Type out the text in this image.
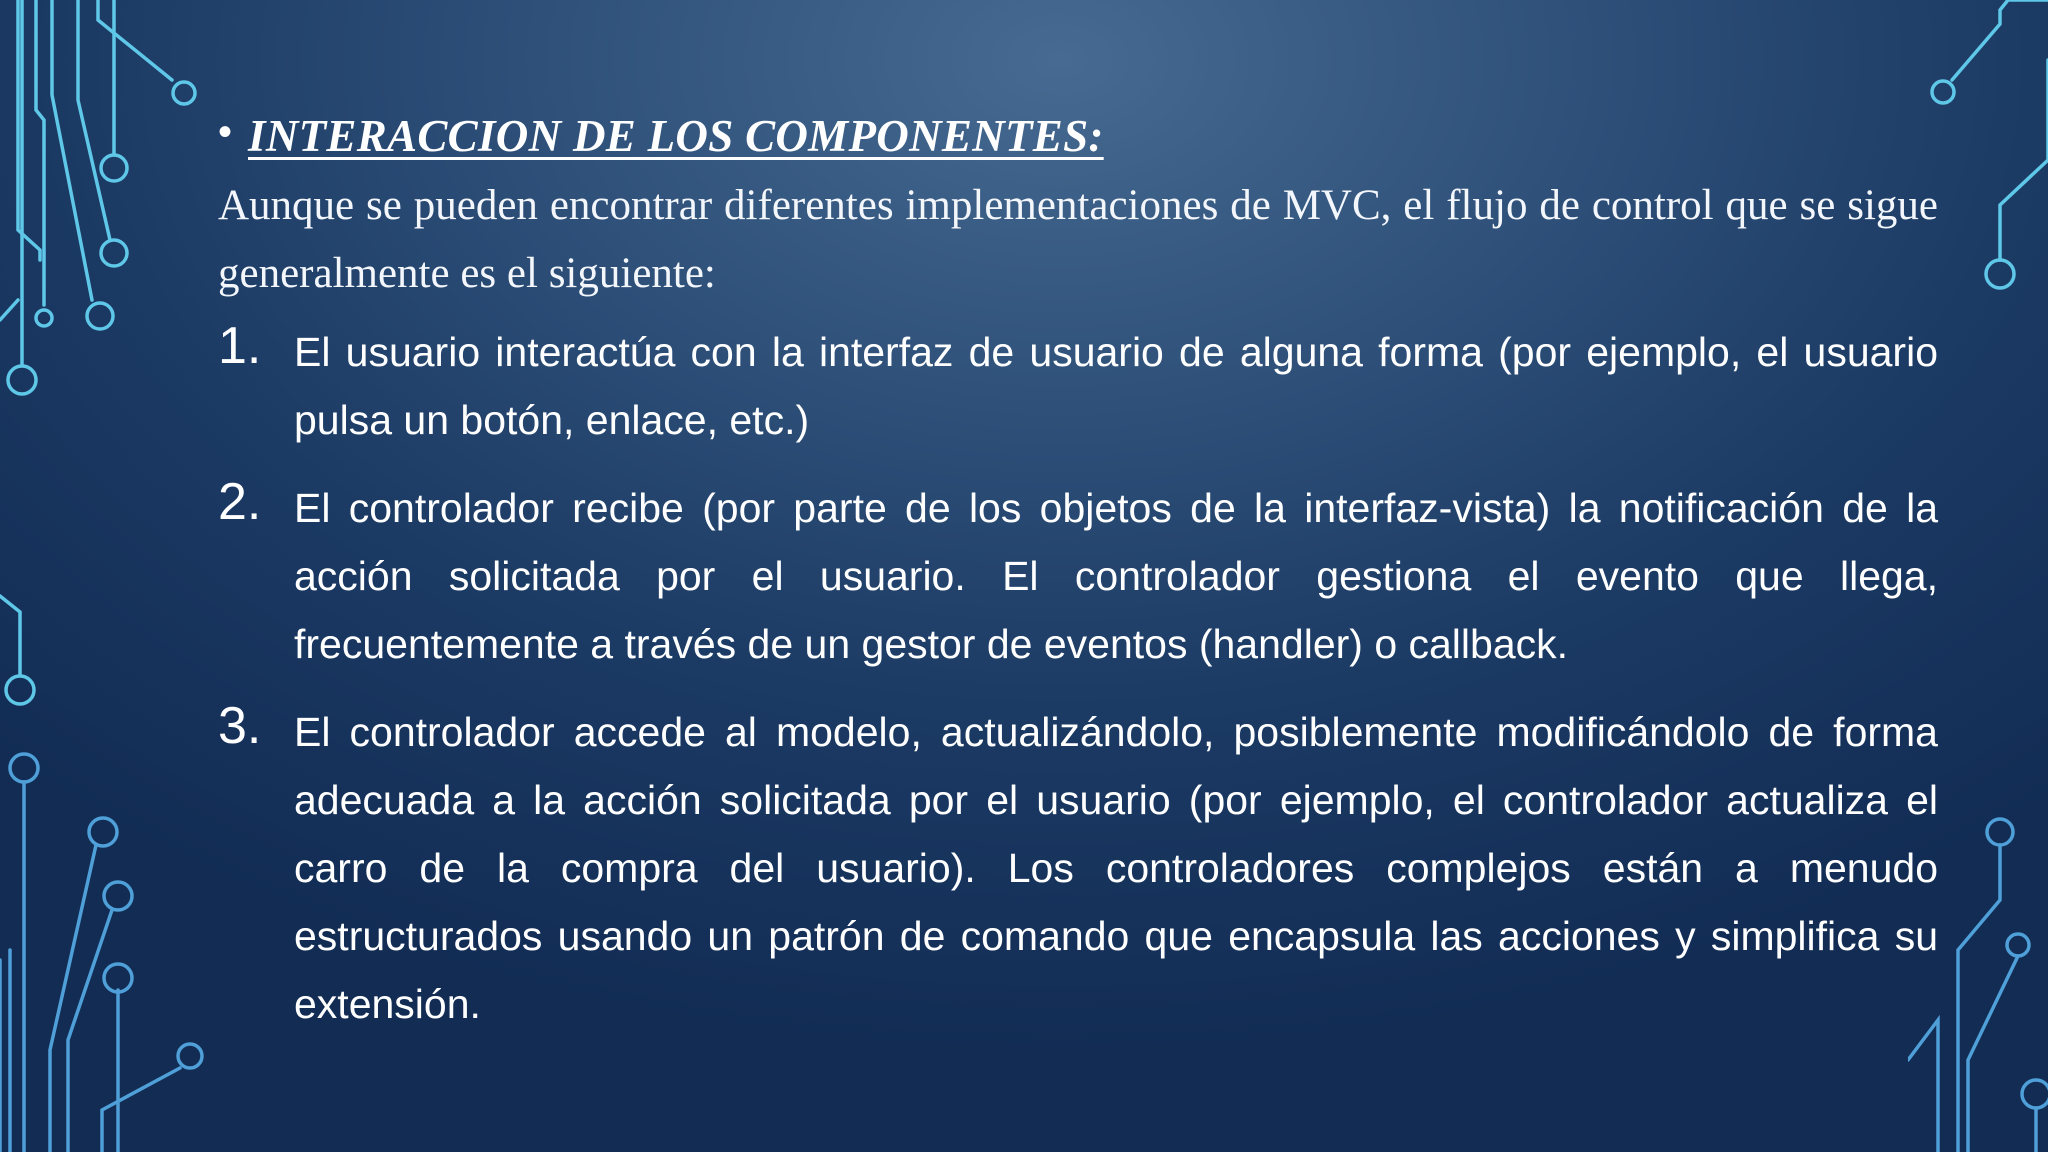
• INTERACCION DE LOS COMPONENTES:

Aunque se pueden encontrar diferentes implementaciones de MVC, el flujo de control que se sigue generalmente es el siguiente:

1. El usuario interactúa con la interfaz de usuario de alguna forma (por ejemplo, el usuario pulsa un botón, enlace, etc.)
2. El controlador recibe (por parte de los objetos de la interfaz-vista) la notificación de la acción solicitada por el usuario. El controlador gestiona el evento que llega, frecuentemente a través de un gestor de eventos (handler) o callback.
3. El controlador accede al modelo, actualizándolo, posiblemente modificándolo de forma adecuada a la acción solicitada por el usuario (por ejemplo, el controlador actualiza el carro de la compra del usuario). Los controladores complejos están a menudo estructurados usando un patrón de comando que encapsula las acciones y simplifica su extensión.
